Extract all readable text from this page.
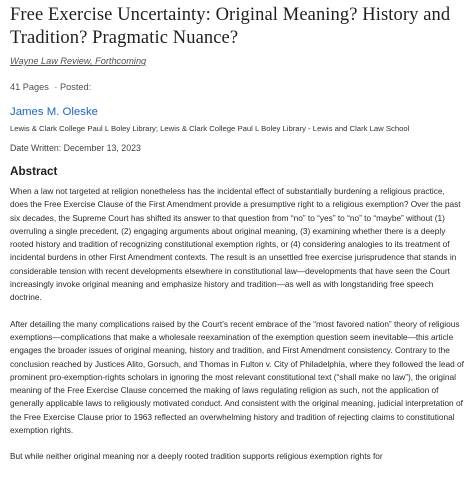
Free Exercise Uncertainty: Original Meaning? History and Tradition? Pragmatic Nuance?
Wayne Law Review, Forthcoming
41 Pages · Posted:
James M. Oleske
Lewis & Clark College Paul L Boley Library; Lewis & Clark College Paul L Boley Library - Lewis and Clark Law School
Date Written: December 13, 2023
Abstract

When a law not targeted at religion nonetheless has the incidental effect of substantially burdening a religious practice, does the Free Exercise Clause of the First Amendment provide a presumptive right to a religious exemption? Over the past six decades, the Supreme Court has shifted its answer to that question from “no” to “yes” to “no” to “maybe” without (1) overruling a single precedent, (2) engaging arguments about original meaning, (3) examining whether there is a deeply rooted history and tradition of recognizing constitutional exemption rights, or (4) considering analogies to its treatment of incidental burdens in other First Amendment contexts. The result is an unsettled free exercise jurisprudence that stands in considerable tension with recent developments elsewhere in constitutional law—developments that have seen the Court increasingly invoke original meaning and emphasize history and tradition—as well as with longstanding free speech doctrine.

After detailing the many complications raised by the Court’s recent embrace of the “most favored nation” theory of religious exemptions—complications that make a wholesale reexamination of the exemption question seem inevitable—this article engages the broader issues of original meaning, history and tradition, and First Amendment consistency. Contrary to the conclusion reached by Justices Alito, Gorsuch, and Thomas in Fulton v. City of Philadelphia, where they followed the lead of prominent pro-exemption-rights scholars in ignoring the most relevant constitutional text (“shall make no law”), the original meaning of the Free Exercise Clause concerned the making of laws regulating religion as such, not the application of generally applicable laws to religiously motivated conduct. And consistent with the original meaning, judicial interpretation of the Free Exercise Clause prior to 1963 reflected an overwhelming history and tradition of rejecting claims to constitutional exemption rights.

But while neither original meaning nor a deeply rooted tradition supports religious exemption rights for
